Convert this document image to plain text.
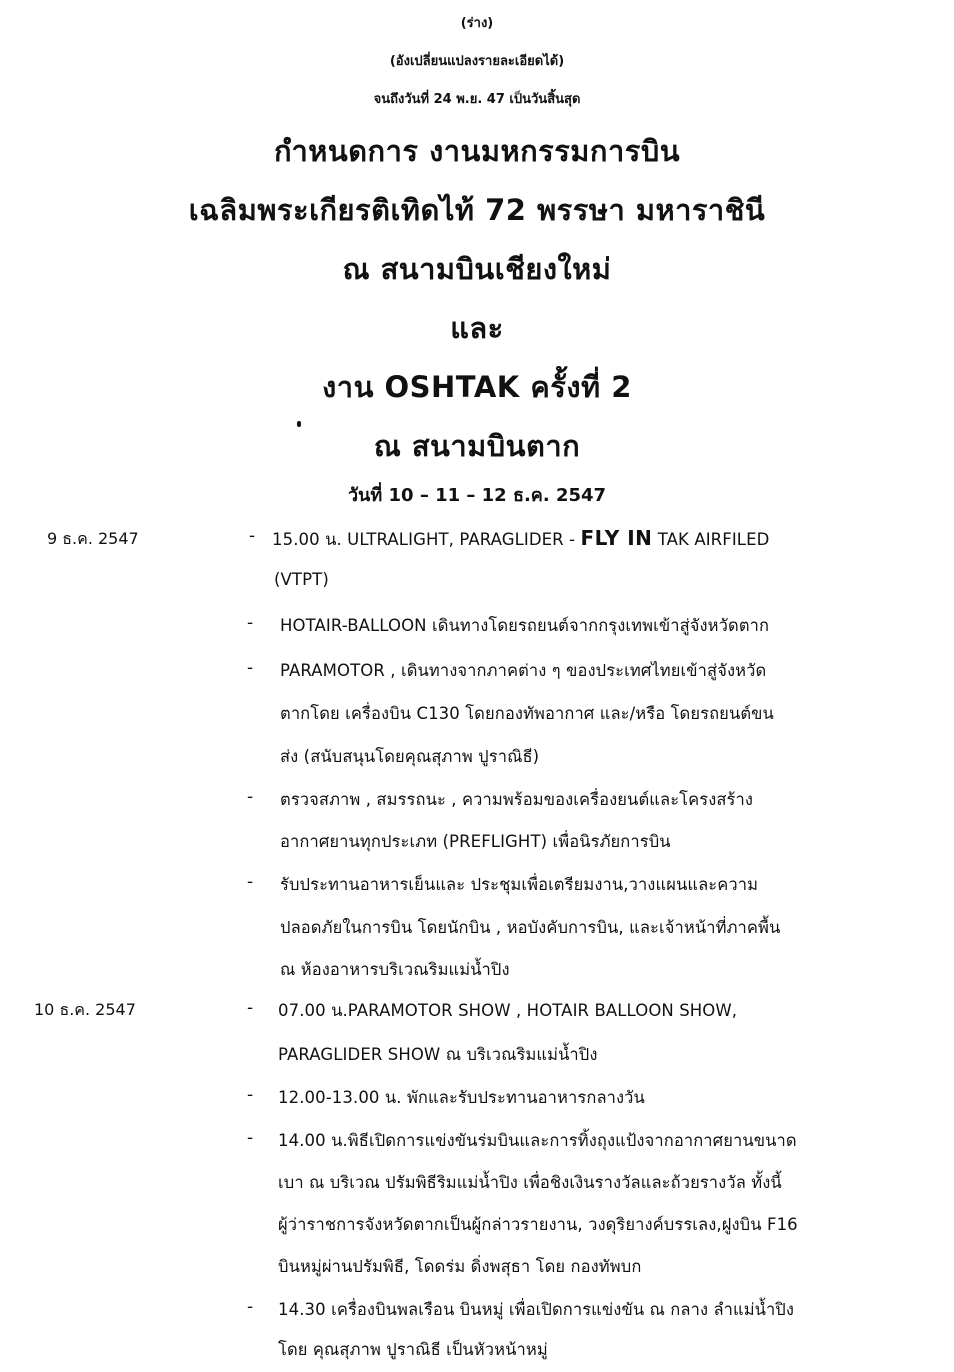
(ร่าง)
(อังเปลี่ยนแปลงรายละเอียดได้)
จนถึงวันที่ 24 พ.ย. 47 เป็นวันสิ้นสุด
กำหนดการ งานมหกรรมการบิน
เฉลิมพระเกียรติเทิดไท้ 72 พรรษา มหาราชินี
ณ สนามบินเชียงใหม่
และ
งาน OSHTAK ครั้งที่ 2
ณ สนามบินตาก
วันที่ 10 – 11 – 12 ธ.ค. 2547
9 ธ.ค. 2547	- 15.00 น. ULTRALIGHT, PARAGLIDER - FLY IN TAK AIRFILED
(VTPT)
- HOTAIR-BALLOON เดินทางโดยรถยนต์จากกรุงเทพเข้าสู่จังหวัดตาก
- PARAMOTOR , เดินทางจากภาคต่าง ๆ ของประเทศไทยเข้าสู่จังหวัด
ตากโดย เครื่องบิน C130 โดยกองทัพอากาศ และ/หรือ โดยรถยนต์ขน
ส่ง (สนับสนุนโดยคุณสุภาพ ปูราณิธี)
- ตรวจสภาพ , สมรรถนะ , ความพร้อมของเครื่องยนต์และโครงสร้าง
อากาศยานทุกประเภท (PREFLIGHT) เพื่อนิรภัยการบิน
- รับประทานอาหารเย็นและ ประชุมเพื่อเตรียมงาน,วางแผนและความ
ปลอดภัยในการบิน โดยนักบิน , หอบังคับการบิน, และเจ้าหน้าที่ภาคพื้น
ณ ห้องอาหารบริเวณริมแม่น้ำปิง
10 ธ.ค. 2547	- 07.00 น.PARAMOTOR SHOW , HOTAIR BALLOON SHOW,
PARAGLIDER SHOW ณ บริเวณริมแม่น้ำปิง
- 12.00-13.00 น. พักและรับประทานอาหารกลางวัน
- 14.00 น.พิธีเปิดการแข่งขันร่มบินและการทิ้งถุงแป้งจากอากาศยานขนาด
เบา ณ บริเวณ ปรัมพิธีริมแม่น้ำปิง เพื่อชิงเงินรางวัลและถ้วยรางวัล ทั้งนี้
ผู้ว่าราชการจังหวัดตากเป็นผู้กล่าวรายงาน, วงดุริยางค์บรรเลง,ฝูงบิน F16
บินหมู่ผ่านปรัมพิธี, โดดร่ม ดิ่งพสุธา โดย กองทัพบก
- 14.30 เครื่องบินพลเรือน บินหมู่ เพื่อเปิดการแข่งขัน ณ กลาง ลำแม่น้ำปิง
โดย คุณสุภาพ ปูราณิธี เป็นหัวหน้าหมู่
